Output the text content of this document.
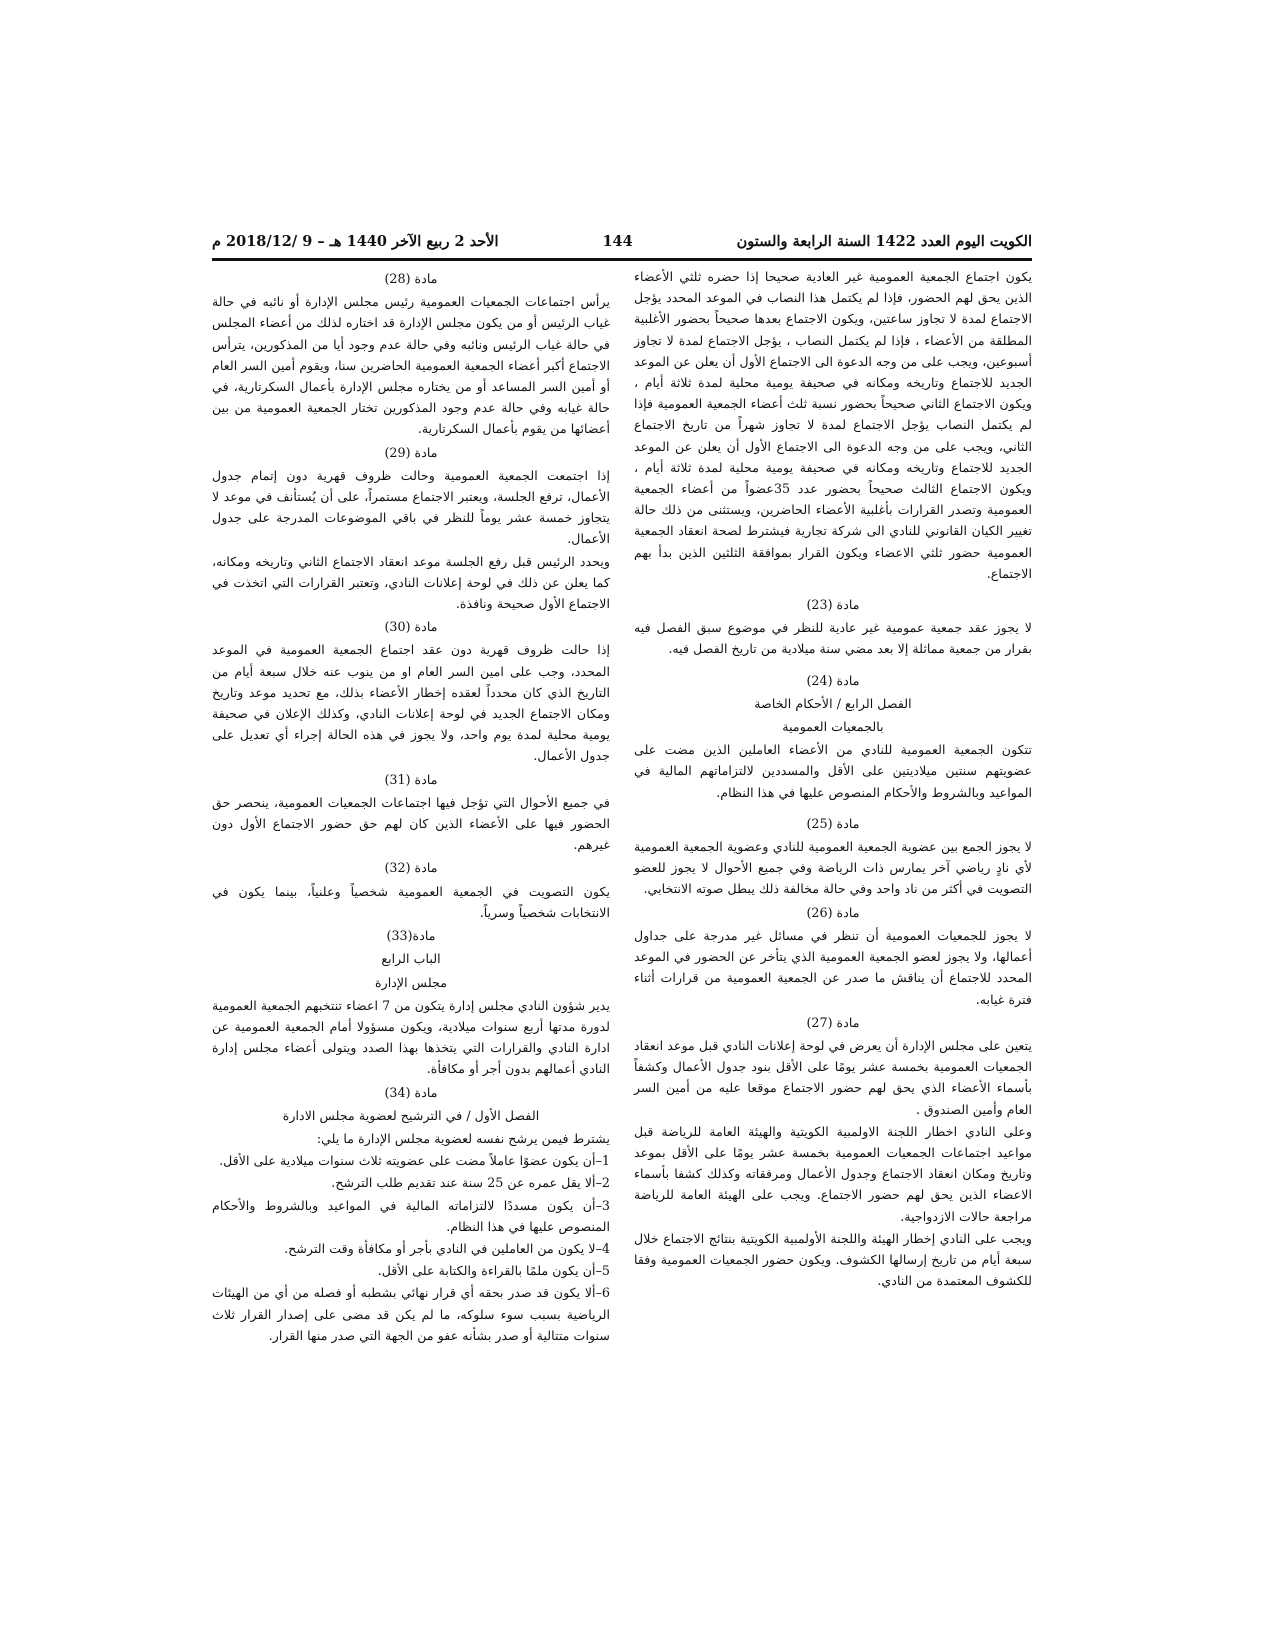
الكويت اليوم العدد 1422 السنة الرابعة والستون
144
الأحد 2 ربيع الآخر 1440 هـ – 9 /2018/12 م

يكون اجتماع الجمعية العمومية غير العادية صحيحا إذا حضره ثلثي الأعضاء الذين يحق لهم الحضور، فإذا لم يكتمل هذا النصاب في الموعد المحدد يؤجل الاجتماع لمدة لا تجاوز ساعتين، ويكون الاجتماع بعدها صحيحاً بحضور الأغلبية المطلقة من الأعضاء ، فإذا لم يكتمل النصاب ، يؤجل الاجتماع لمدة لا تجاوز أسبوعين، ويجب على من وجه الدعوة الى الاجتماع الأول أن يعلن عن الموعد الجديد للاجتماع وتاريخه ومكانه في صحيفة يومية محلية لمدة ثلاثة أيام ، ويكون الاجتماع الثاني صحيحاً بحضور نسبة ثلث أعضاء الجمعية العمومية فإذا لم يكتمل النصاب يؤجل الاجتماع لمدة لا تجاوز شهراً من تاريخ الاجتماع الثاني، ويجب على من وجه الدعوة الى الاجتماع الأول أن يعلن عن الموعد الجديد للاجتماع وتاريخه ومكانه في صحيفة يومية محلية لمدة ثلاثة أيام ، ويكون الاجتماع الثالث صحيحاً بحضور عدد 35عضواً من أعضاء الجمعية العمومية وتصدر القرارات بأغلبية الأعضاء الحاضرين، ويستثنى من ذلك حالة تغيير الكيان القانوني للنادي الى شركة تجارية فيشترط لصحة انعقاد الجمعية العمومية حضور ثلثي الاعضاء ويكون القرار بموافقة الثلثين الذين بدأ بهم الاجتماع.

مادة (23)

لا يجوز عقد جمعية عمومية غير عادية للنظر في موضوع سبق الفصل فيه بقرار من جمعية مماثلة إلا بعد مضي سنة ميلادية من تاريخ الفصل فيه.

مادة (24)

الفصل الرابع / الأحكام الخاصة

بالجمعيات العمومية

تتكون الجمعية العمومية للنادي من الأعضاء العاملين الذين مضت على عضويتهم سنتين ميلاديتين على الأقل والمسددين لالتزاماتهم المالية في المواعيد وبالشروط والأحكام المنصوص عليها في هذا النظام.

مادة (25)

لا يجوز الجمع بين عضوية الجمعية العمومية للنادي وعضوية الجمعية العمومية لأي نادٍ رياضي آخر يمارس ذات الرياضة وفي جميع الأحوال لا يجوز للعضو التصويت في أكثر من ناد واحد وفي حالة مخالفة ذلك يبطل صوته الانتخابي.

مادة (26)

لا يجوز للجمعيات العمومية أن تنظر في مسائل غير مدرجة على جداول أعمالها، ولا يجوز لعضو الجمعية العمومية الذي يتأخر عن الحضور في الموعد المحدد للاجتماع أن يناقش ما صدر عن الجمعية العمومية من قرارات أثناء فترة غيابه.

مادة (27)

يتعين على مجلس الإدارة أن يعرض في لوحة إعلانات النادي قبل موعد انعقاد الجمعيات العمومية بخمسة عشر يومًا على الأقل بنود جدول الأعمال وكشفاً بأسماء الأعضاء الذي يحق لهم حضور الاجتماع موقعا عليه من أمين السر العام وأمين الصندوق .

وعلى النادي اخطار اللجنة الاولمبية الكويتية والهيئة العامة للرياضة قبل مواعيد اجتماعات الجمعيات العمومية بخمسة عشر يومًا على الأقل بموعد وتاريخ ومكان انعقاد الاجتماع وجدول الأعمال ومرفقاته وكذلك كشفا بأسماء الاعضاء الذين يحق لهم حضور الاجتماع. ويجب على الهيئة العامة للرياضة مراجعة حالات الازدواجية.

ويجب على النادي إخطار الهيئة واللجنة الأولمبية الكويتية بنتائج الاجتماع خلال سبعة أيام من تاريخ إرسالها الكشوف. ويكون حضور الجمعيات العمومية وفقا للكشوف المعتمدة من النادي.

مادة (28)

يرأس اجتماعات الجمعيات العمومية رئيس مجلس الإدارة أو نائبه في حالة غياب الرئيس أو من يكون مجلس الإدارة قد اختاره لذلك من أعضاء المجلس في حالة غياب الرئيس ونائبه وفي حالة عدم وجود أيا من المذكورين، يترأس الاجتماع أكبر أعضاء الجمعية العمومية الحاضرين سنا، ويقوم أمين السر العام أو أمين السر المساعد أو من يختاره مجلس الإدارة بأعمال السكرتارية، في حالة غيابه وفي حالة عدم وجود المذكورين تختار الجمعية العمومية من بين أعضائها من يقوم بأعمال السكرتارية.

مادة (29)

إذا اجتمعت الجمعية العمومية وحالت ظروف قهرية دون إتمام جدول الأعمال، ترفع الجلسة، ويعتبر الاجتماع مستمراً، على أن يُستأنف في موعد لا يتجاوز خمسة عشر يوماً للنظر في باقي الموضوعات المدرجة على جدول الأعمال.

ويحدد الرئيس قبل رفع الجلسة موعد انعقاد الاجتماع الثاني وتاريخه ومكانه، كما يعلن عن ذلك في لوحة إعلانات النادي، وتعتبر القرارات التي اتخذت في الاجتماع الأول صحيحة ونافذة.

مادة (30)

إذا حالت ظروف قهرية دون عقد اجتماع الجمعية العمومية في الموعد المحدد، وجب على امين السر العام او من ينوب عنه خلال سبعة أيام من التاريخ الذي كان محدداً لعقده إخطار الأعضاء بذلك، مع تحديد موعد وتاريخ ومكان الاجتماع الجديد في لوحة إعلانات النادي، وكذلك الإعلان في صحيفة يومية محلية لمدة يوم واحد، ولا يجوز في هذه الحالة إجراء أي تعديل على جدول الأعمال.

مادة (31)

في جميع الأحوال التي تؤجل فيها اجتماعات الجمعيات العمومية، ينحصر حق الحضور فيها على الأعضاء الذين كان لهم حق حضور الاجتماع الأول دون غيرهم.

مادة (32)

يكون التصويت في الجمعية العمومية شخصياً وعلنياً، بينما يكون في الانتخابات شخصياً وسرياً.

مادة(33)

الباب الرابع

مجلس الإدارة

يدير شؤون النادي مجلس إدارة يتكون من 7 اعضاء تنتخبهم الجمعية العمومية لدورة مدتها أربع سنوات ميلادية، ويكون مسؤولا أمام الجمعية العمومية عن ادارة النادي والقرارات التي يتخذها بهذا الصدد ويتولى أعضاء مجلس إدارة النادي أعمالهم بدون أجر أو مكافأة.

مادة (34)

الفصل الأول / في الترشيح لعضوية مجلس الادارة

يشترط فيمن يرشح نفسه لعضوية مجلس الإدارة ما يلي:

1–أن يكون عضوًا عاملاً مضت على عضويته ثلاث سنوات ميلادية على الأقل.

2–ألا يقل عمره عن 25 سنة عند تقديم طلب الترشح.

3–أن يكون مسددًا لالتزاماته المالية في المواعيد وبالشروط والأحكام المنصوص عليها في هذا النظام.

4–لا يكون من العاملين في النادي بأجر أو مكافأة وقت الترشح.

5–أن يكون ملمًا بالقراءة والكتابة على الأقل.

6–ألا يكون قد صدر بحقه أي قرار نهائي بشطبه أو فصله من أي من الهيئات الرياضية بسبب سوء سلوكه، ما لم يكن قد مضى على إصدار القرار ثلاث سنوات متتالية أو صدر بشأنه عفو من الجهة التي صدر منها القرار.
